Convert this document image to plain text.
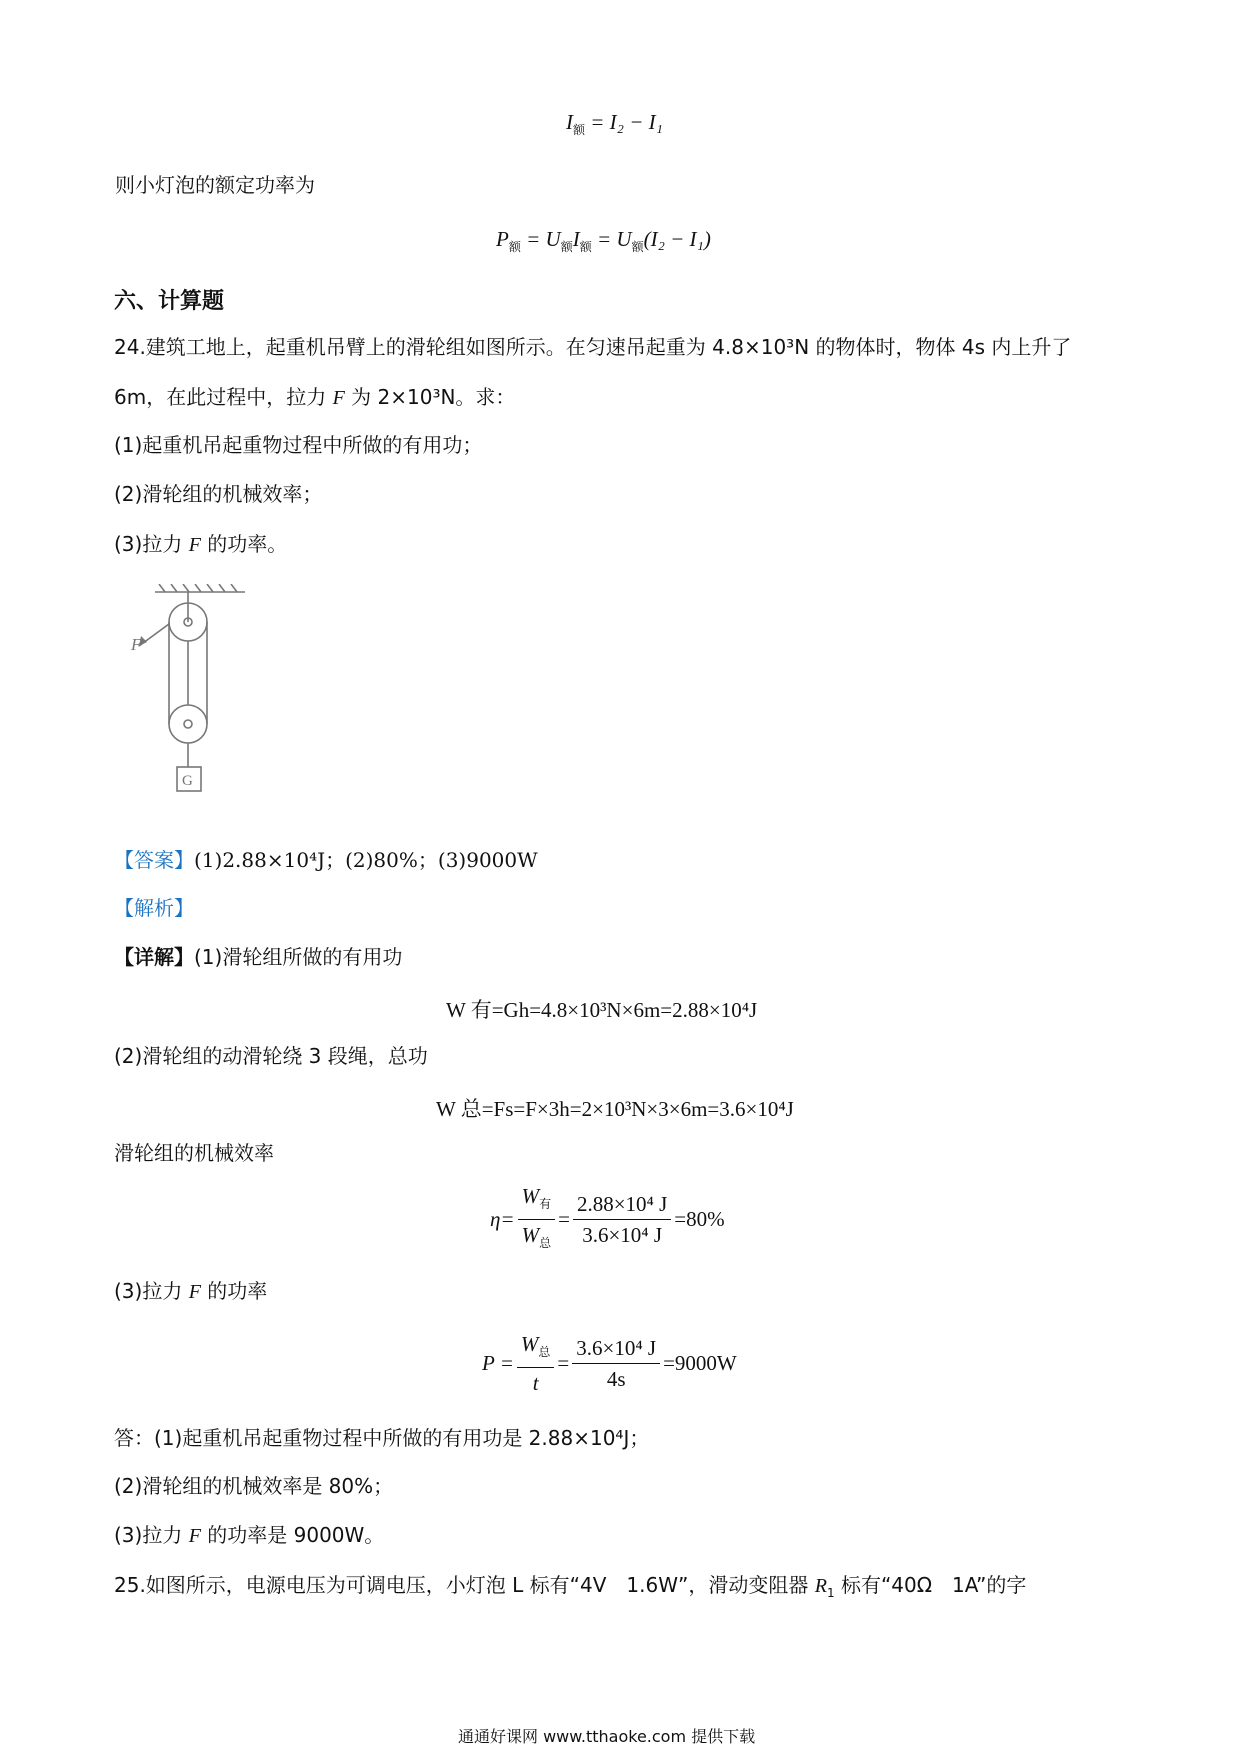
$I_额 = I_2 - I_1$
则小灯泡的额定功率为
$P_额 = U_额I_额 = U_额(I_2 - I_1)$
六、计算题
24.建筑工地上，起重机吊臂上的滑轮组如图所示。在匀速吊起重为 4.8×10³N 的物体时，物体 4s 内上升了
6m，在此过程中，拉力 F 为 2×10³N。求：
(1)起重机吊起重物过程中所做的有用功；
(2)滑轮组的机械效率；
(3)拉力 F 的功率。
F
G
【答案】(1)2.88×10⁴J；(2)80%；(3)9000W
【解析】
【详解】(1)滑轮组所做的有用功
W 有=Gh=4.8×10³N×6m=2.88×10⁴J
(2)滑轮组的动滑轮绕 3 段绳，总功
W 总=Fs=F×3h=2×10³N×3×6m=3.6×10⁴J
滑轮组的机械效率
$\eta= \frac{W_有}{W_总} = \frac{\text{2.88×10⁴ J}}{\text{3.6×10⁴ J}} =80\%$
(3)拉力 F 的功率
$P = \frac{W_总}{t} = \frac{\text{3.6×10⁴ J}}{4s} =9000W$
答：(1)起重机吊起重物过程中所做的有用功是 2.88×10⁴J；
(2)滑轮组的机械效率是 80%；
(3)拉力 F 的功率是 9000W。
25.如图所示，电源电压为可调电压，小灯泡 L 标有“4V　1.6W”，滑动变阻器 $R_1$ 标有“40Ω　1A”的字
通通好课网 www.tthaoke.com 提供下载
